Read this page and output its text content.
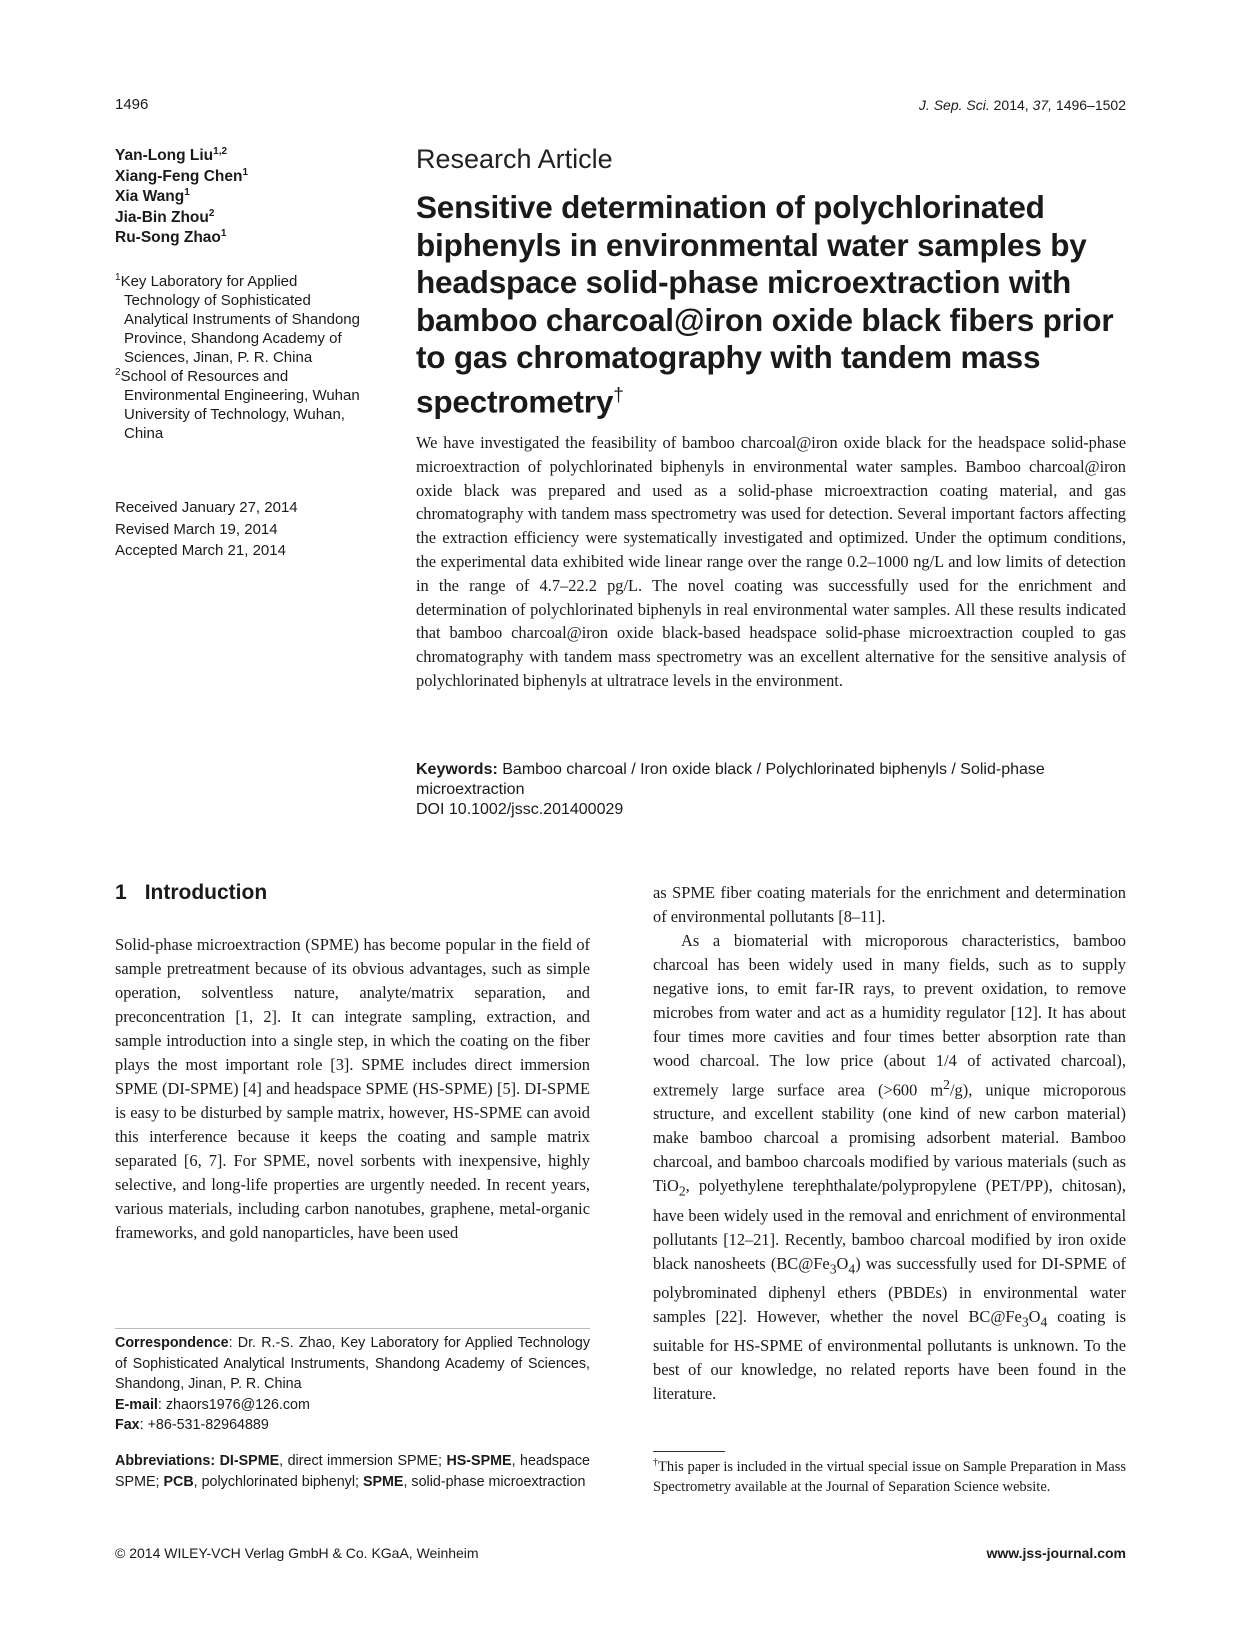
1496	J. Sep. Sci. 2014, 37, 1496–1502
Yan-Long Liu$^{1,2}$
Xiang-Feng Chen$^1$
Xia Wang$^1$
Jia-Bin Zhou$^2$
Ru-Song Zhao$^1$
$^1$Key Laboratory for Applied Technology of Sophisticated Analytical Instruments of Shandong Province, Shandong Academy of Sciences, Jinan, P. R. China
$^2$School of Resources and Environmental Engineering, Wuhan University of Technology, Wuhan, China
Received January 27, 2014
Revised March 19, 2014
Accepted March 21, 2014
Research Article
Sensitive determination of polychlorinated biphenyls in environmental water samples by headspace solid-phase microextraction with bamboo charcoal@iron oxide black fibers prior to gas chromatography with tandem mass spectrometry†
We have investigated the feasibility of bamboo charcoal@iron oxide black for the headspace solid-phase microextraction of polychlorinated biphenyls in environmental water samples. Bamboo charcoal@iron oxide black was prepared and used as a solid-phase microextraction coating material, and gas chromatography with tandem mass spectrometry was used for detection. Several important factors affecting the extraction efficiency were systematically investigated and optimized. Under the optimum conditions, the experimental data exhibited wide linear range over the range 0.2–1000 ng/L and low limits of detection in the range of 4.7–22.2 pg/L. The novel coating was successfully used for the enrichment and determination of polychlorinated biphenyls in real environmental water samples. All these results indicated that bamboo charcoal@iron oxide black-based headspace solid-phase microextraction coupled to gas chromatography with tandem mass spectrometry was an excellent alternative for the sensitive analysis of polychlorinated biphenyls at ultratrace levels in the environment.
Keywords: Bamboo charcoal / Iron oxide black / Polychlorinated biphenyls / Solid-phase microextraction
DOI 10.1002/jssc.201400029
1 Introduction

Solid-phase microextraction (SPME) has become popular in the field of sample pretreatment because of its obvious advantages, such as simple operation, solventless nature, analyte/matrix separation, and preconcentration [1, 2]. It can integrate sampling, extraction, and sample introduction into a single step, in which the coating on the fiber plays the most important role [3]. SPME includes direct immersion SPME (DI-SPME) [4] and headspace SPME (HS-SPME) [5]. DI-SPME is easy to be disturbed by sample matrix, however, HS-SPME can avoid this interference because it keeps the coating and sample matrix separated [6, 7]. For SPME, novel sorbents with inexpensive, highly selective, and long-life properties are urgently needed. In recent years, various materials, including carbon nanotubes, graphene, metal-organic frameworks, and gold nanoparticles, have been used

as SPME fiber coating materials for the enrichment and determination of environmental pollutants [8–11].

As a biomaterial with microporous characteristics, bamboo charcoal has been widely used in many fields, such as to supply negative ions, to emit far-IR rays, to prevent oxidation, to remove microbes from water and act as a humidity regulator [12]. It has about four times more cavities and four times better absorption rate than wood charcoal. The low price (about 1/4 of activated charcoal), extremely large surface area (>600 $m^2/g$), unique microporous structure, and excellent stability (one kind of new carbon material) make bamboo charcoal a promising adsorbent material. Bamboo charcoal, and bamboo charcoals modified by various materials (such as TiO$_2$, polyethylene terephthalate/polypropylene (PET/PP), chitosan), have been widely used in the removal and enrichment of environmental pollutants [12–21]. Recently, bamboo charcoal modified by iron oxide black nanosheets $(BC@Fe_3O_4)$ was successfully used for DI-SPME of polybrominated diphenyl ethers (PBDEs) in environmental water samples [22]. However, whether the novel $BC@Fe_3O_4$ coating is suitable for HS-SPME of environmental pollutants is unknown. To the best of our knowledge, no related reports have been found in the literature.

Correspondence: Dr. R.-S. Zhao, Key Laboratory for Applied Technology of Sophisticated Analytical Instruments, Shandong Academy of Sciences, Shandong, Jinan, P. R. China
E-mail: zhaors1976@126.com
Fax: +86-531-82964889
Abbreviations: DI-SPME, direct immersion SPME; HS-SPME, headspace SPME; PCB, polychlorinated biphenyl; SPME, solid-phase microextraction
†This paper is included in the virtual special issue on Sample Preparation in Mass Spectrometry available at the Journal of Separation Science website.
© 2014 WILEY-VCH Verlag GmbH & Co. KGaA, Weinheim	www.jss-journal.com
